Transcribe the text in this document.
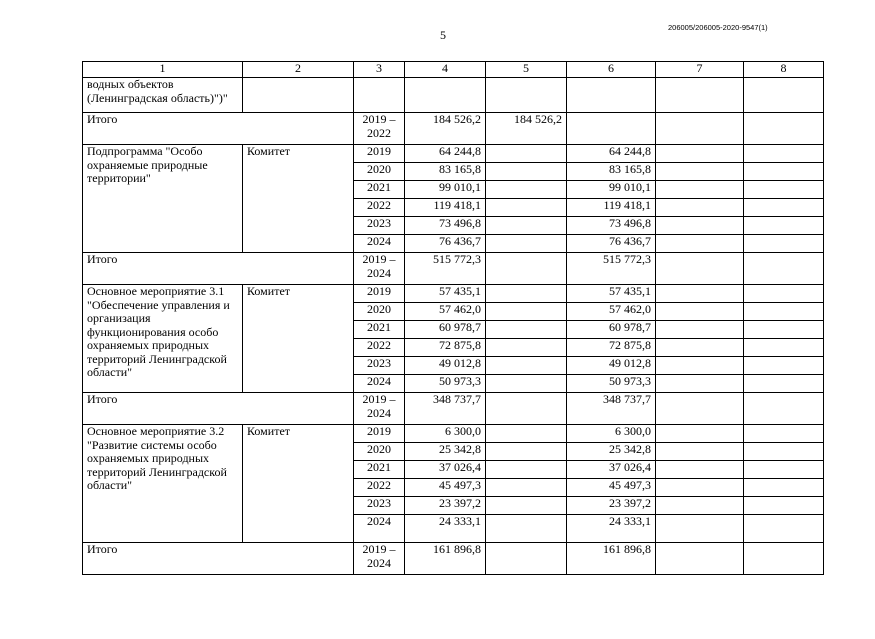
5
206005/206005-2020-9547(1)
1	2	3	4	5	6	7	8
водных объектов (Ленинградская область)")"							
Итого		2019 – 2022	184 526,2	184 526,2			
Подпрограмма "Особо охраняемые природные территории"	Комитет	2019	64 244,8		64 244,8		
		2020	83 165,8		83 165,8		
		2021	99 010,1		99 010,1		
		2022	119 418,1		119 418,1		
		2023	73 496,8		73 496,8		
		2024	76 436,7		76 436,7		
Итого		2019 – 2024	515 772,3		515 772,3		
Основное мероприятие 3.1 "Обеспечение управления и организация функционирования особо охраняемых природных территорий Ленинградской области"	Комитет	2019	57 435,1		57 435,1		
		2020	57 462,0		57 462,0		
		2021	60 978,7		60 978,7		
		2022	72 875,8		72 875,8		
		2023	49 012,8		49 012,8		
		2024	50 973,3		50 973,3		
Итого		2019 – 2024	348 737,7		348 737,7		
Основное мероприятие 3.2 "Развитие системы особо охраняемых природных территорий Ленинградской области"	Комитет	2019	6 300,0		6 300,0		
		2020	25 342,8		25 342,8		
		2021	37 026,4		37 026,4		
		2022	45 497,3		45 497,3		
		2023	23 397,2		23 397,2		
		2024	24 333,1		24 333,1		
Итого		2019 – 2024	161 896,8		161 896,8		
